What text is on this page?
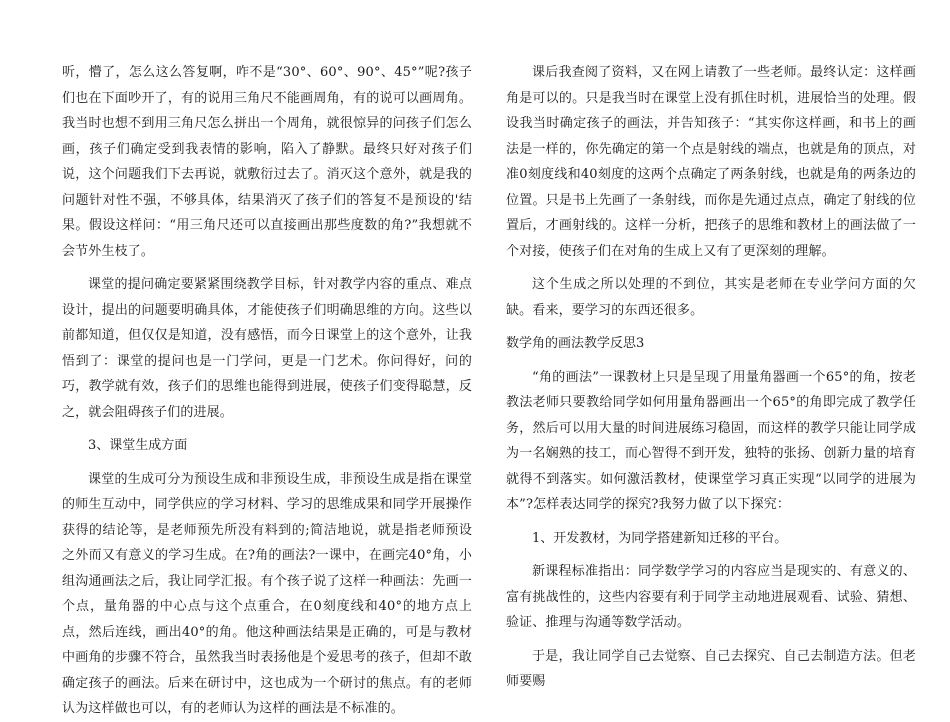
听，懵了，怎么这么答复啊，咋不是“30°、60°、90°、45°”呢?孩子们也在下面吵开了，有的说用三角尺不能画周角，有的说可以画周角。我当时也想不到用三角尺怎么拼出一个周角，就很惊异的问孩子们怎么画，孩子们确定受到我表情的影响，陷入了静默。最终只好对孩子们说，这个问题我们下去再说，就敷衍过去了。消灭这个意外，就是我的问题针对性不强，不够具体，结果消灭了孩子们的答复不是预设的'结果。假设这样问：“用三角尺还可以直接画出那些度数的角?”我想就不会节外生枝了。

课堂的提问确定要紧紧围绕教学目标，针对教学内容的重点、难点设计，提出的问题要明确具体，才能使孩子们明确思维的方向。这些以前都知道，但仅仅是知道，没有感悟，而今日课堂上的这个意外，让我悟到了：课堂的提问也是一门学问，更是一门艺术。你问得好，问的巧，教学就有效，孩子们的思维也能得到进展，使孩子们变得聪慧，反之，就会阻碍孩子们的进展。

3、课堂生成方面

课堂的生成可分为预设生成和非预设生成，非预设生成是指在课堂的师生互动中，同学供应的学习材料、学习的思维成果和同学开展操作获得的结论等，是老师预先所没有料到的;简洁地说，就是指老师预设之外而又有意义的学习生成。在?角的画法?一课中，在画完40°角，小组沟通画法之后，我让同学汇报。有个孩子说了这样一种画法：先画一个点，量角器的中心点与这个点重合，在0刻度线和40°的地方点上点，然后连线，画出40°的角。他这种画法结果是正确的，可是与教材中画角的步骤不符合，虽然我当时表扬他是个爱思考的孩子，但却不敢确定孩子的画法。后来在研讨中，这也成为一个研讨的焦点。有的老师认为这样做也可以，有的老师认为这样的画法是不标准的。

课后我查阅了资料，又在网上请教了一些老师。最终认定：这样画角是可以的。只是我当时在课堂上没有抓住时机，进展恰当的处理。假设我当时确定孩子的画法，并告知孩子：“其实你这样画，和书上的画法是一样的，你先确定的第一个点是射线的端点，也就是角的顶点，对准0刻度线和40刻度的这两个点确定了两条射线，也就是角的两条边的位置。只是书上先画了一条射线，而你是先通过点点，确定了射线的位置后，才画射线的。这样一分析，把孩子的思维和教材上的画法做了一个对接，使孩子们在对角的生成上又有了更深刻的理解。

这个生成之所以处理的不到位，其实是老师在专业学问方面的欠缺。看来，要学习的东西还很多。

数学角的画法教学反思3

“角的画法”一课教材上只是呈现了用量角器画一个65°的角，按老教法老师只要教给同学如何用量角器画出一个65°的角即完成了教学任务，然后可以用大量的时间进展练习稳固，而这样的教学只能让同学成为一名娴熟的技工，而心智得不到开发，独特的张扬、创新力量的培育就得不到落实。如何激活教材，使课堂学习真正实现“以同学的进展为本”?怎样表达同学的探究?我努力做了以下探究：

1、开发教材，为同学搭建新知迁移的平台。

新课程标准指出：同学数学学习的内容应当是现实的、有意义的、富有挑战性的，这些内容要有利于同学主动地进展观看、试验、猜想、验证、推理与沟通等数学活动。

于是，我让同学自己去觉察、自己去探究、自己去制造方法。但老师要赐
